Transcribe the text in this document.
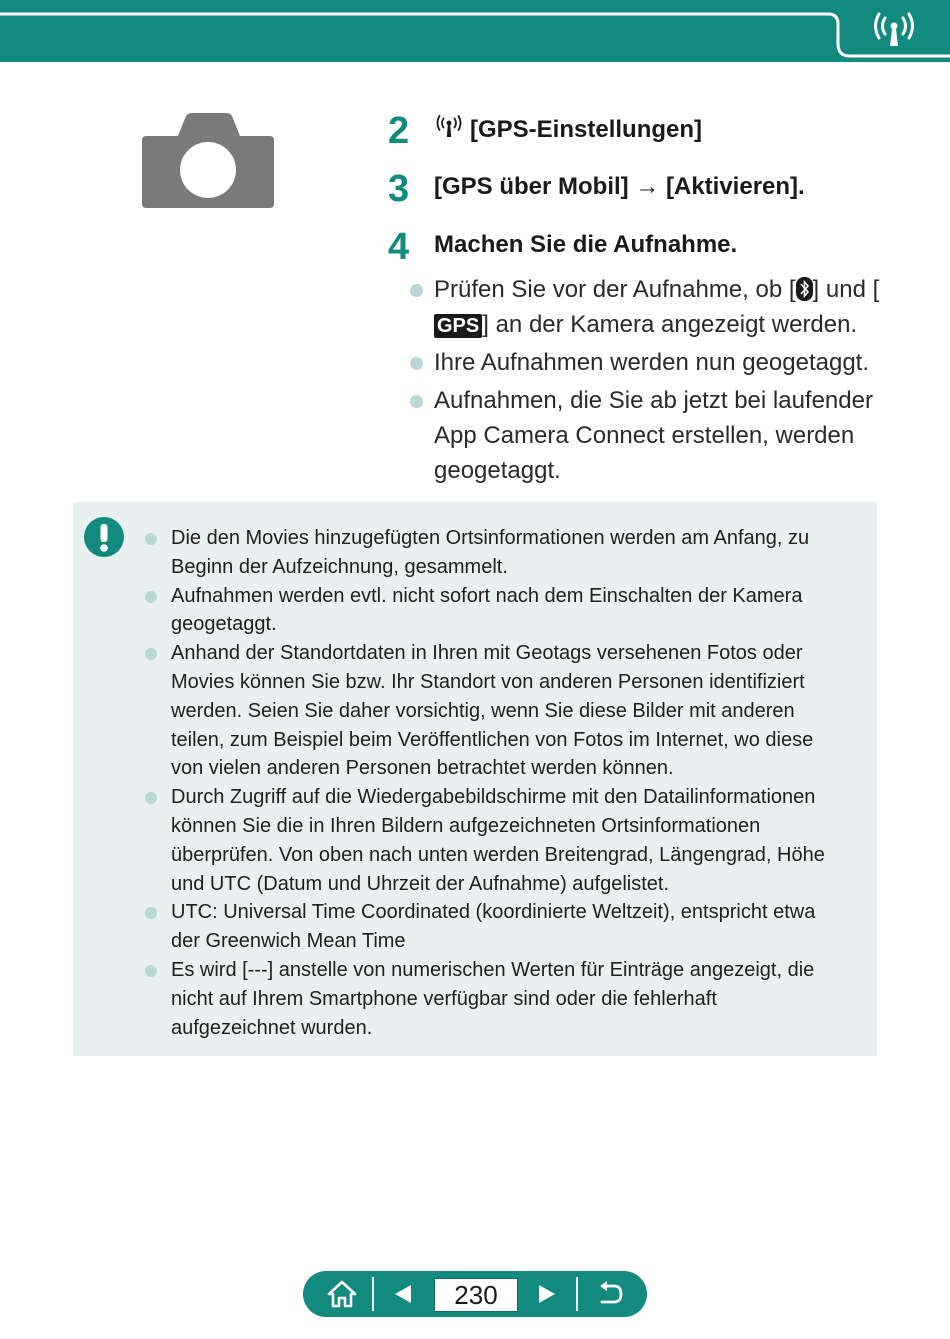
2	[GPS-Einstellungen]
3 [GPS über Mobil] → [Aktivieren].
4 Machen Sie die Aufnahme.
Prüfen Sie vor der Aufnahme, ob [ ] und [GPS ] an der Kamera angezeigt werden.
Ihre Aufnahmen werden nun geogetaggt.
Aufnahmen, die Sie ab jetzt bei laufender App Camera Connect erstellen, werden geogetaggt.
Die den Movies hinzugefügten Ortsinformationen werden am Anfang, zu Beginn der Aufzeichnung, gesammelt.
Aufnahmen werden evtl. nicht sofort nach dem Einschalten der Kamera geogetaggt.
Anhand der Standortdaten in Ihren mit Geotags versehenen Fotos oder Movies können Sie bzw. Ihr Standort von anderen Personen identifiziert werden. Seien Sie daher vorsichtig, wenn Sie diese Bilder mit anderen teilen, zum Beispiel beim Veröffentlichen von Fotos im Internet, wo diese von vielen anderen Personen betrachtet werden können.
Durch Zugriff auf die Wiedergabebildschirme mit den Datailinformationen können Sie die in Ihren Bildern aufgezeichneten Ortsinformationen überprüfen. Von oben nach unten werden Breitengrad, Längengrad, Höhe und UTC (Datum und Uhrzeit der Aufnahme) aufgelistet.
UTC: Universal Time Coordinated (koordinierte Weltzeit), entspricht etwa der Greenwich Mean Time
Es wird [---] anstelle von numerischen Werten für Einträge angezeigt, die nicht auf Ihrem Smartphone verfügbar sind oder die fehlerhaft aufgezeichnet wurden.
230
